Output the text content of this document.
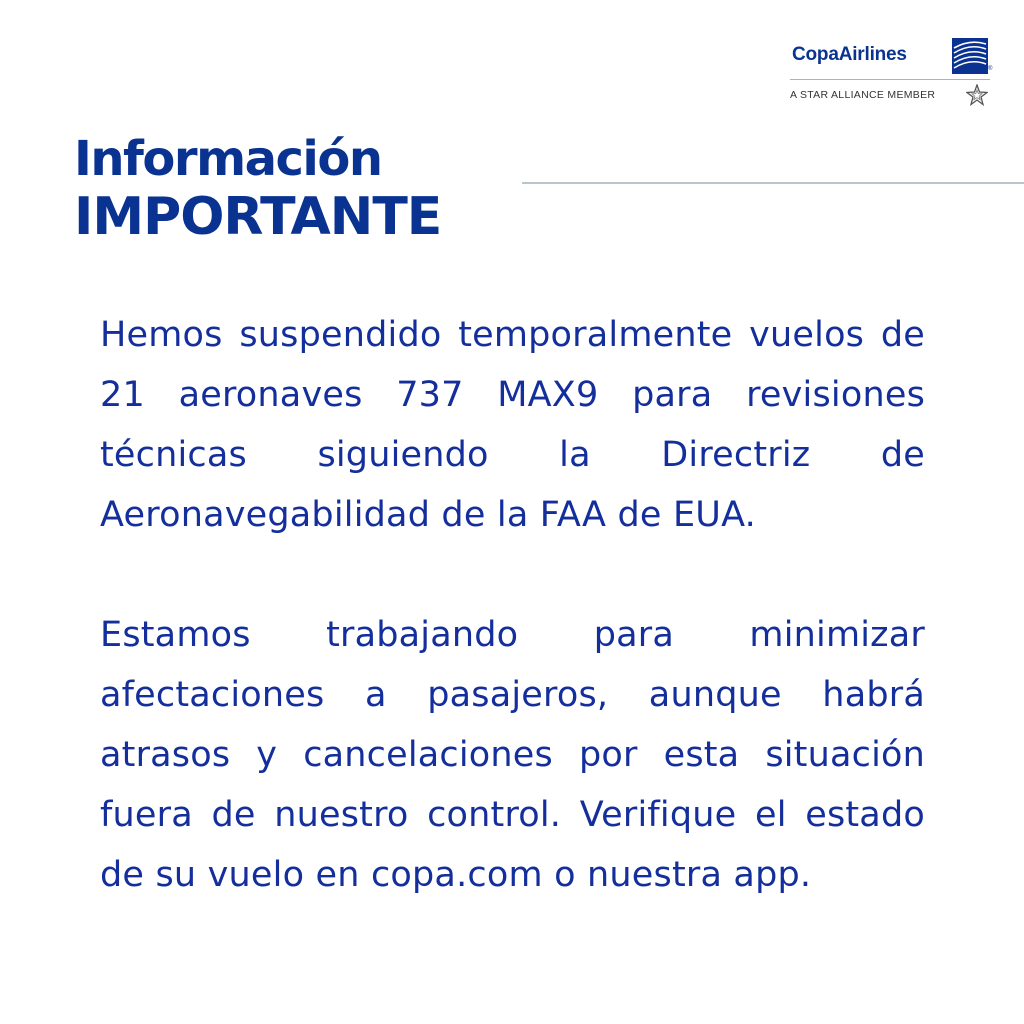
CopaAirlines
®
A STAR ALLIANCE MEMBER
Información
IMPORTANTE

Hemos suspendido temporalmente vuelos de 21 aeronaves 737 MAX9 para revisiones técnicas siguiendo la Directriz de Aeronavegabilidad de la FAA de EUA.

Estamos trabajando para minimizar afectaciones a pasajeros, aunque habrá atrasos y cancelaciones por esta situación fuera de nuestro control. Verifique el estado de su vuelo en copa.com o nuestra app.
